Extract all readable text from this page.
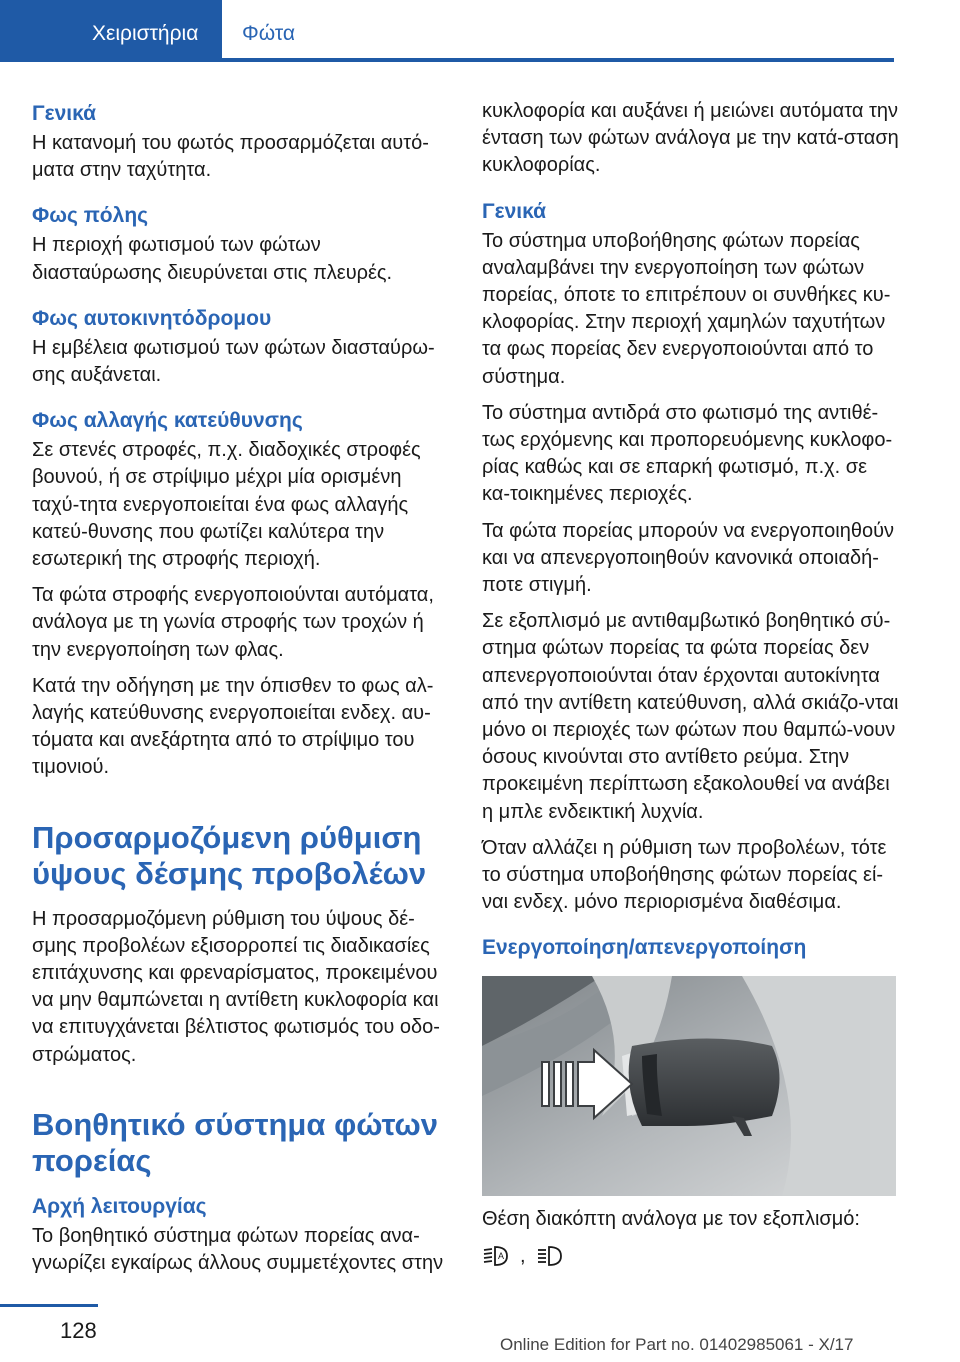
Χειριστήρια Φώτα
Γενικά

Η κατανομή του φωτός προσαρμόζεται αυτό-ματα στην ταχύτητα.

Φως πόλης

Η περιοχή φωτισμού των φώτων διασταύρωσης διευρύνεται στις πλευρές.

Φως αυτοκινητόδρομου

Η εμβέλεια φωτισμού των φώτων διασταύρω-σης αυξάνεται.

Φως αλλαγής κατεύθυνσης

Σε στενές στροφές, π.χ. διαδοχικές στροφές βουνού, ή σε στρίψιμο μέχρι μία ορισμένη ταχύ-τητα ενεργοποιείται ένα φως αλλαγής κατεύ-θυνσης που φωτίζει καλύτερα την εσωτερική της στροφής περιοχή.

Τα φώτα στροφής ενεργοποιούνται αυτόματα, ανάλογα με τη γωνία στροφής των τροχών ή την ενεργοποίηση των φλας.

Κατά την οδήγηση με την όπισθεν το φως αλ-λαγής κατεύθυνσης ενεργοποιείται ενδεχ. αυ-τόματα και ανεξάρτητα από το στρίψιμο του τιμονιού.

Προσαρμοζόμενη ρύθμιση ύψους δέσμης προβολέων

Η προσαρμοζόμενη ρύθμιση του ύψους δέ-σμης προβολέων εξισορροπεί τις διαδικασίες επιτάχυνσης και φρεναρίσματος, προκειμένου να μην θαμπώνεται η αντίθετη κυκλοφορία και να επιτυγχάνεται βέλτιστος φωτισμός του οδο-στρώματος.

Βοηθητικό σύστημα φώτων πορείας
Αρχή λειτουργίας

Το βοηθητικό σύστημα φώτων πορείας ανα-γνωρίζει εγκαίρως άλλους συμμετέχοντες στην

κυκλοφορία και αυξάνει ή μειώνει αυτόματα την ένταση των φώτων ανάλογα με την κατά-σταση κυκλοφορίας.

Γενικά

Το σύστημα υποβοήθησης φώτων πορείας αναλαμβάνει την ενεργοποίηση των φώτων πορείας, όποτε το επιτρέπουν οι συνθήκες κυ-κλοφορίας. Στην περιοχή χαμηλών ταχυτήτων τα φως πορείας δεν ενεργοποιούνται από το σύστημα.

Το σύστημα αντιδρά στο φωτισμό της αντιθέ-τως ερχόμενης και προπορευόμενης κυκλοφο-ρίας καθώς και σε επαρκή φωτισμό, π.χ. σε κα-τοικημένες περιοχές.

Τα φώτα πορείας μπορούν να ενεργοποιηθούν και να απενεργοποιηθούν κανονικά οποιαδή-ποτε στιγμή.

Σε εξοπλισμό με αντιθαμβωτικό βοηθητικό σύ-στημα φώτων πορείας τα φώτα πορείας δεν απενεργοποιούνται όταν έρχονται αυτοκίνητα από την αντίθετη κατεύθυνση, αλλά σκιάζο-νται μόνο οι περιοχές των φώτων που θαμπώ-νουν όσους κινούνται στο αντίθετο ρεύμα. Στην προκειμένη περίπτωση εξακολουθεί να ανάβει η μπλε ενδεικτική λυχνία.

Όταν αλλάζει η ρύθμιση των προβολέων, τότε το σύστημα υποβοήθησης φώτων πορείας εί-ναι ενδεχ. μόνο περιορισμένα διαθέσιμα.

Ενεργοποίηση/απενεργοποίηση

Θέση διακόπτη ανάλογα με τον εξοπλισμό:

A ,
128
Online Edition for Part no. 01402985061 - X/17
